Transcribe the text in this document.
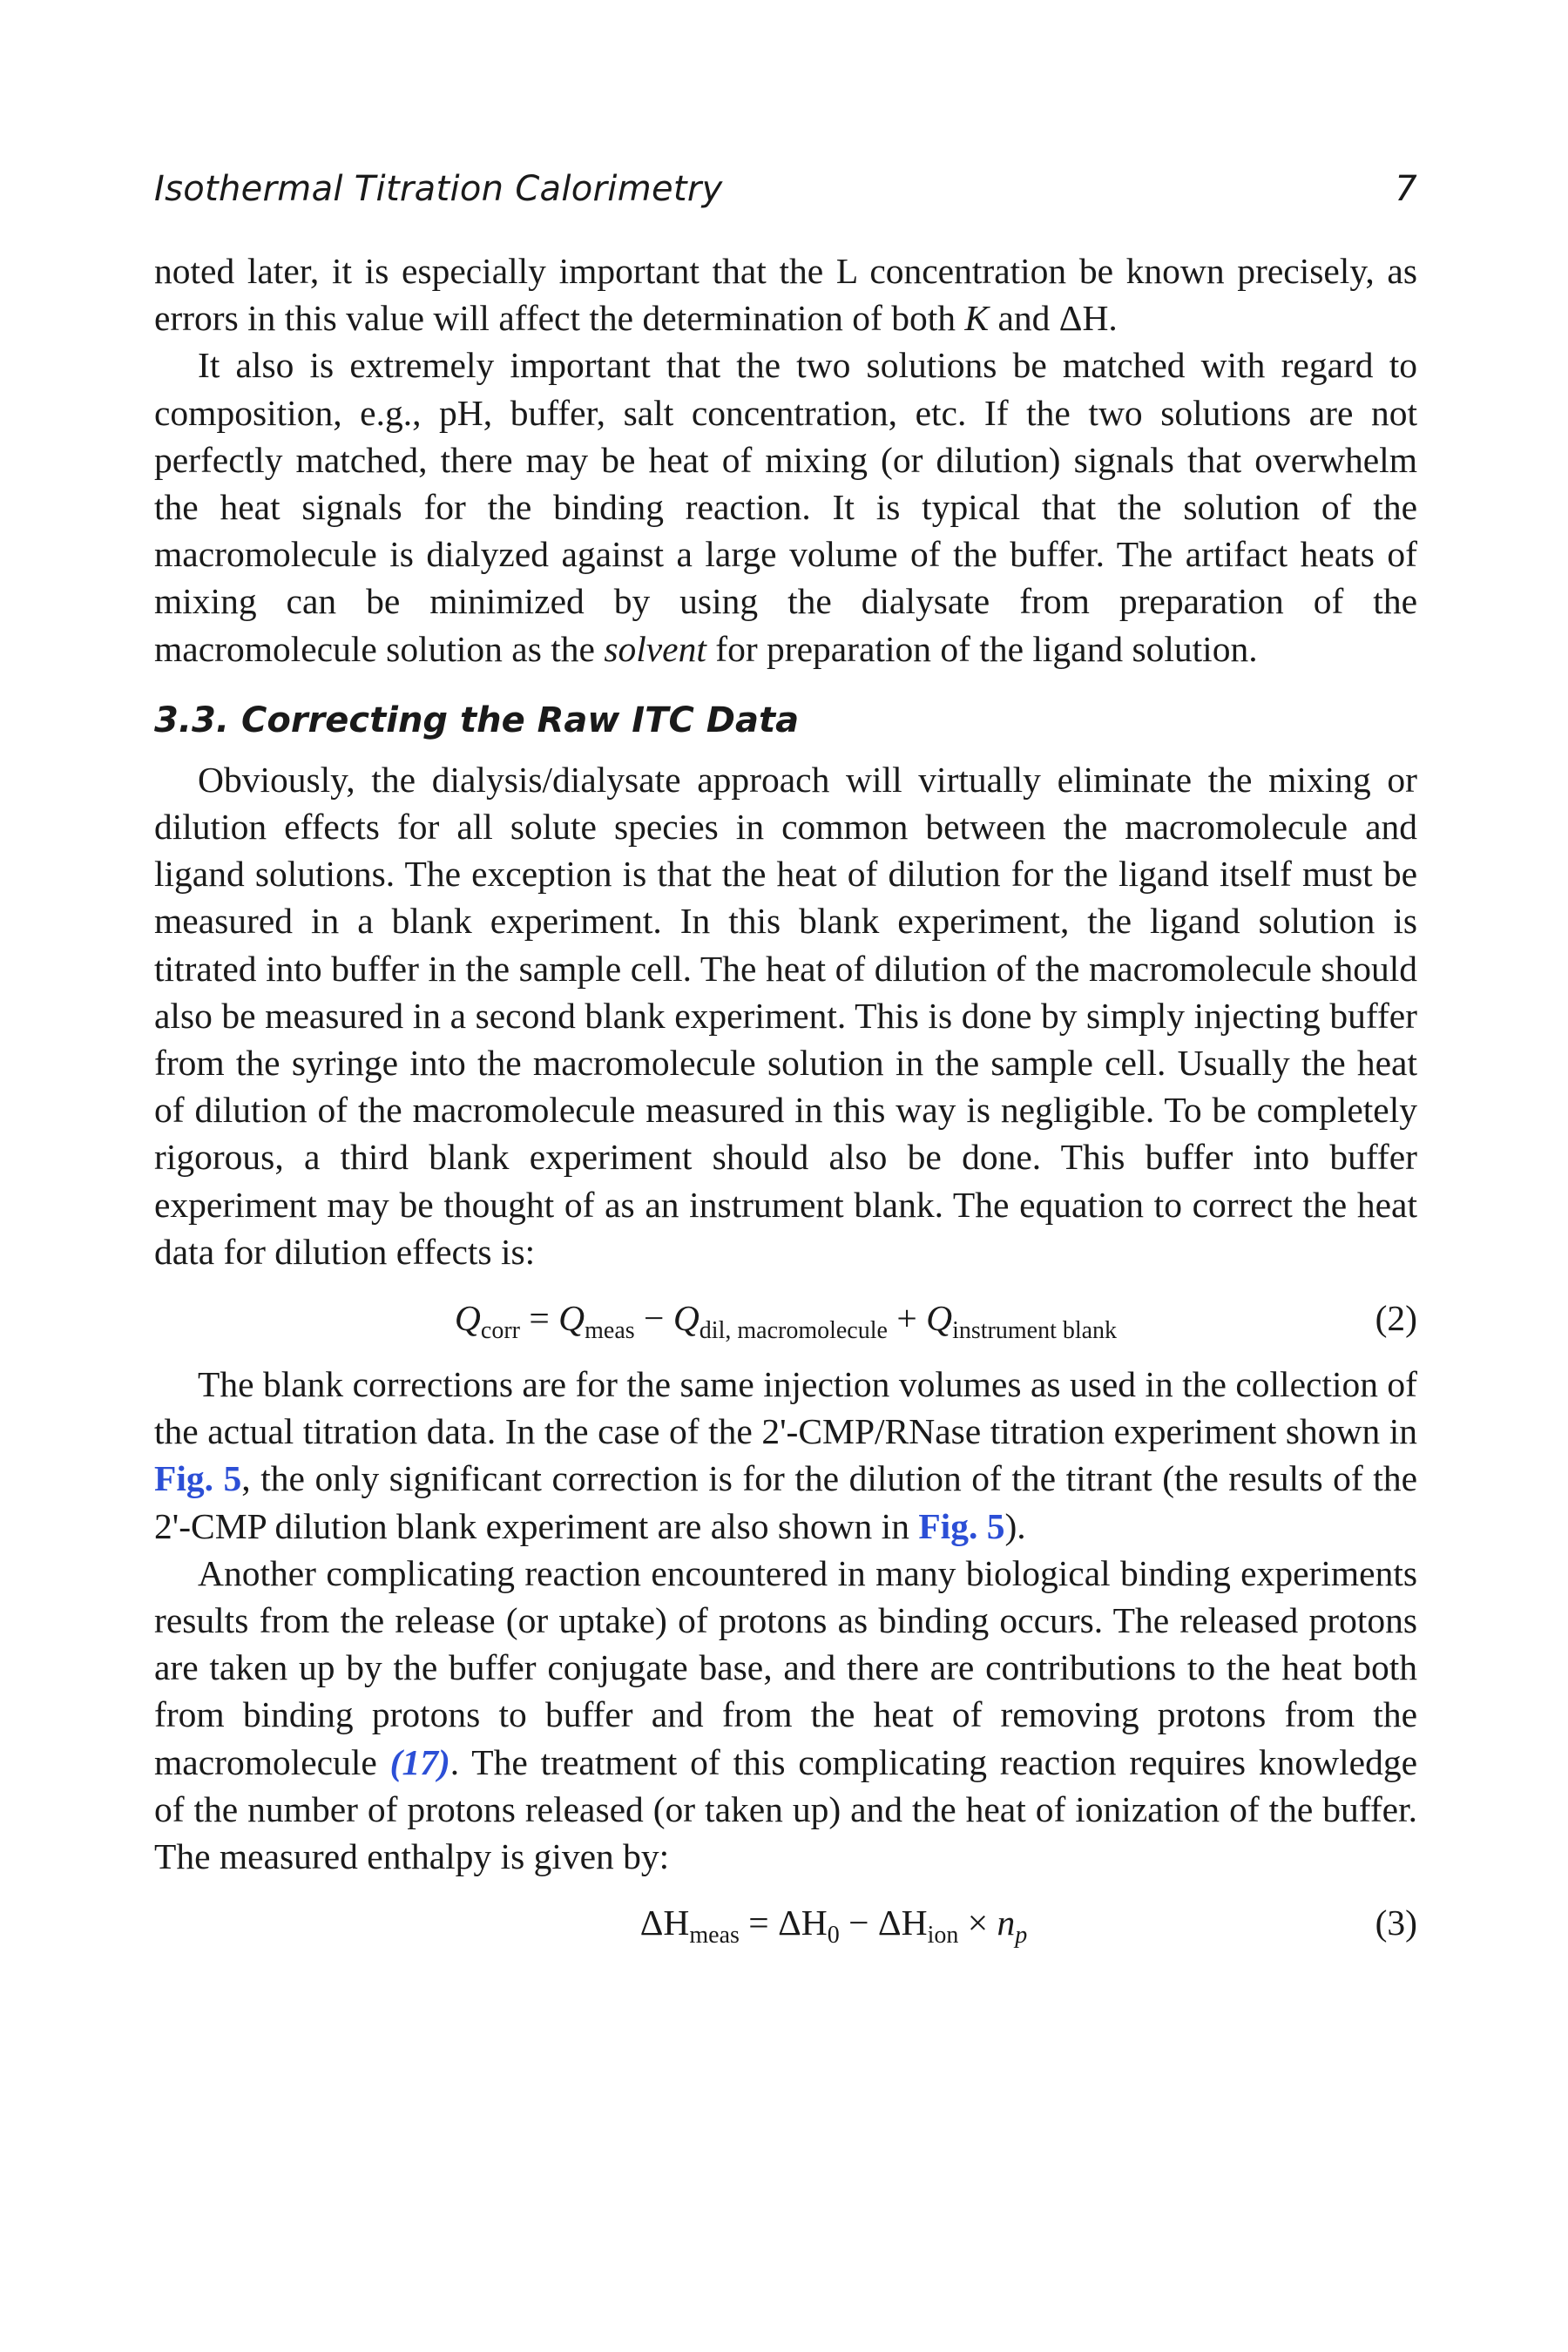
Isothermal Titration Calorimetry	7

noted later, it is especially important that the L concentration be known precisely, as errors in this value will affect the determination of both K and ΔH.

It also is extremely important that the two solutions be matched with regard to composition, e.g., pH, buffer, salt concentration, etc. If the two solutions are not perfectly matched, there may be heat of mixing (or dilution) signals that overwhelm the heat signals for the binding reaction. It is typical that the solution of the macromolecule is dialyzed against a large volume of the buffer. The artifact heats of mixing can be minimized by using the dialysate from preparation of the macromolecule solution as the solvent for preparation of the ligand solution.

3.3. Correcting the Raw ITC Data

Obviously, the dialysis/dialysate approach will virtually eliminate the mixing or dilution effects for all solute species in common between the macromolecule and ligand solutions. The exception is that the heat of dilution for the ligand itself must be measured in a blank experiment. In this blank experiment, the ligand solution is titrated into buffer in the sample cell. The heat of dilution of the macromolecule should also be measured in a second blank experiment. This is done by simply injecting buffer from the syringe into the macromolecule solution in the sample cell. Usually the heat of dilution of the macromolecule measured in this way is negligible. To be completely rigorous, a third blank experiment should also be done. This buffer into buffer experiment may be thought of as an instrument blank. The equation to correct the heat data for dilution effects is:

$Q_{corr} = Q_{meas} - Q_{dil, macromolecule} + Q_{instrument blank}$	(2)

The blank corrections are for the same injection volumes as used in the collection of the actual titration data. In the case of the 2'-CMP/RNase titration experiment shown in Fig. 5, the only significant correction is for the dilution of the titrant (the results of the 2'-CMP dilution blank experiment are also shown in Fig. 5).

Another complicating reaction encountered in many biological binding experiments results from the release (or uptake) of protons as binding occurs. The released protons are taken up by the buffer conjugate base, and there are contributions to the heat both from binding protons to buffer and from the heat of removing protons from the macromolecule (17). The treatment of this complicating reaction requires knowledge of the number of protons released (or taken up) and the heat of ionization of the buffer. The measured enthalpy is given by:

$\Delta H_{meas} = \Delta H_0 - \Delta H_{ion} \times n_p$	(3)
